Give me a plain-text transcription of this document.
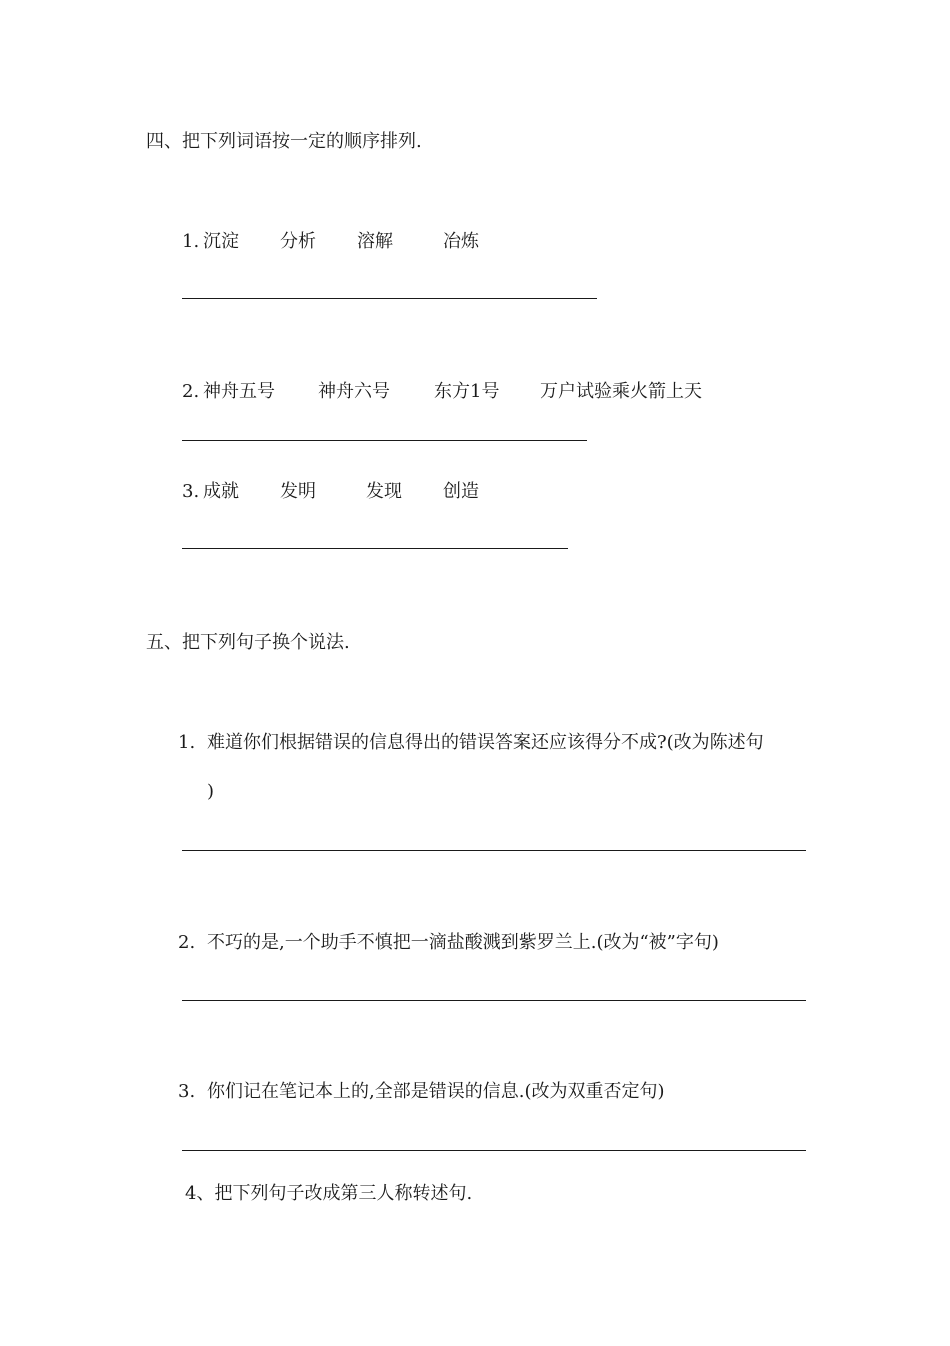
四、把下列词语按一定的顺序排列.
1. 沉淀 分析 溶解	冶炼
2. 神舟五号 神舟六号 东方1号 万户试验乘火箭上天
3. 成就 发明	发现 创造
五、把下列句子换个说法.
1. 难道你们根据错误的信息得出的错误答案还应该得分不成?(改为陈述句
)
2. 不巧的是,一个助手不慎把一滴盐酸溅到紫罗兰上.(改为“被”字句)
3. 你们记在笔记本上的,全部是错误的信息.(改为双重否定句)
4、把下列句子改成第三人称转述句.
